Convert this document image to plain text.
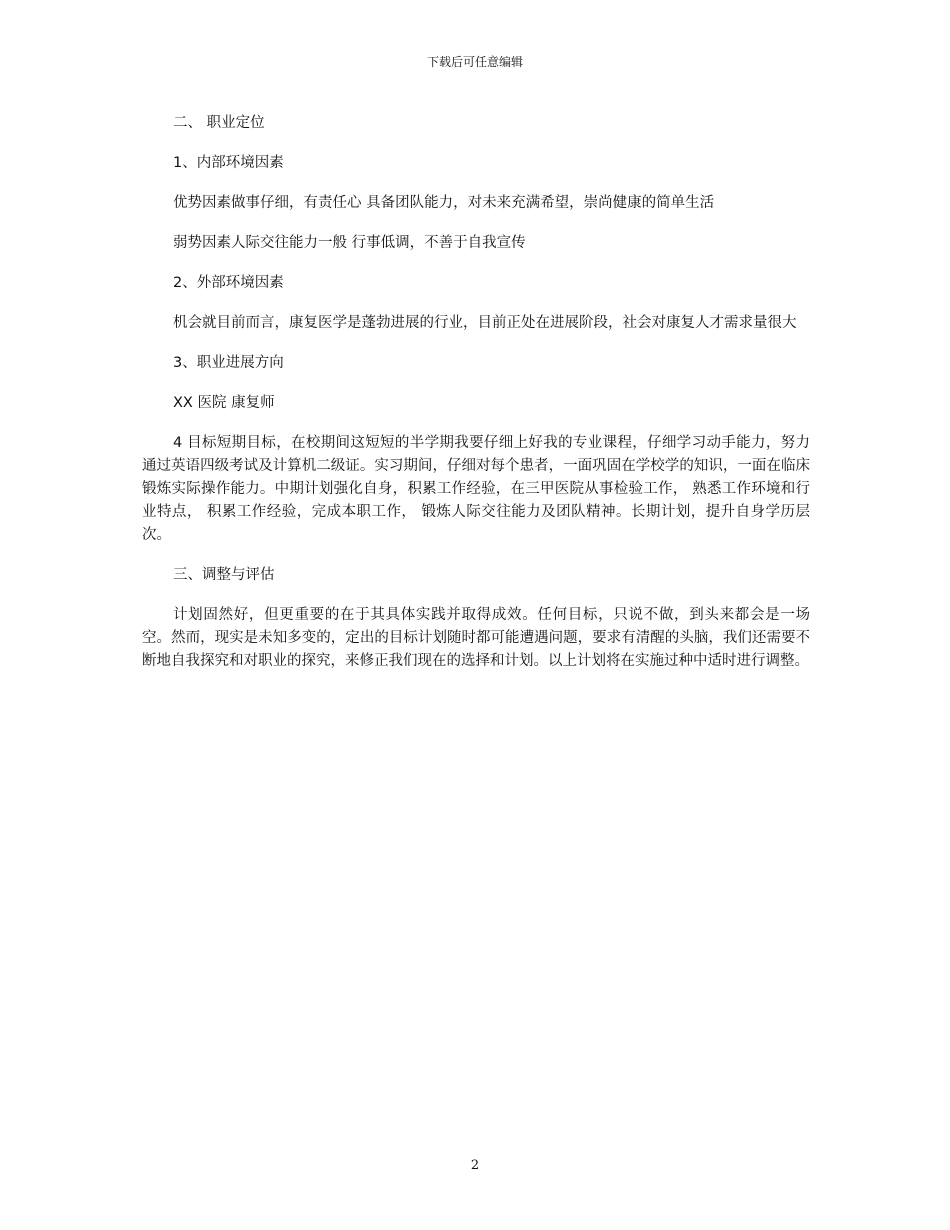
下载后可任意编辑

二、 职业定位

1、内部环境因素

优势因素做事仔细，有责任心 具备团队能力，对未来充满希望，崇尚健康的简单生活

弱势因素人际交往能力一般 行事低调，不善于自我宣传

2、外部环境因素

机会就目前而言，康复医学是蓬勃进展的行业，目前正处在进展阶段，社会对康复人才需求量很大

3、职业进展方向

XX 医院 康复师

4 目标短期目标，在校期间这短短的半学期我要仔细上好我的专业课程，仔细学习动手能力，努力通过英语四级考试及计算机二级证。实习期间，仔细对每个患者，一面巩固在学校学的知识，一面在临床锻炼实际操作能力。中期计划强化自身，积累工作经验，在三甲医院从事检验工作， 熟悉工作环境和行业特点， 积累工作经验，完成本职工作， 锻炼人际交往能力及团队精神。长期计划，提升自身学历层次。

三、调整与评估

计划固然好，但更重要的在于其具体实践并取得成效。任何目标，只说不做，到头来都会是一场空。然而，现实是未知多变的，定出的目标计划随时都可能遭遇问题，要求有清醒的头脑，我们还需要不断地自我探究和对职业的探究，来修正我们现在的选择和计划。以上计划将在实施过种中适时进行调整。

2
